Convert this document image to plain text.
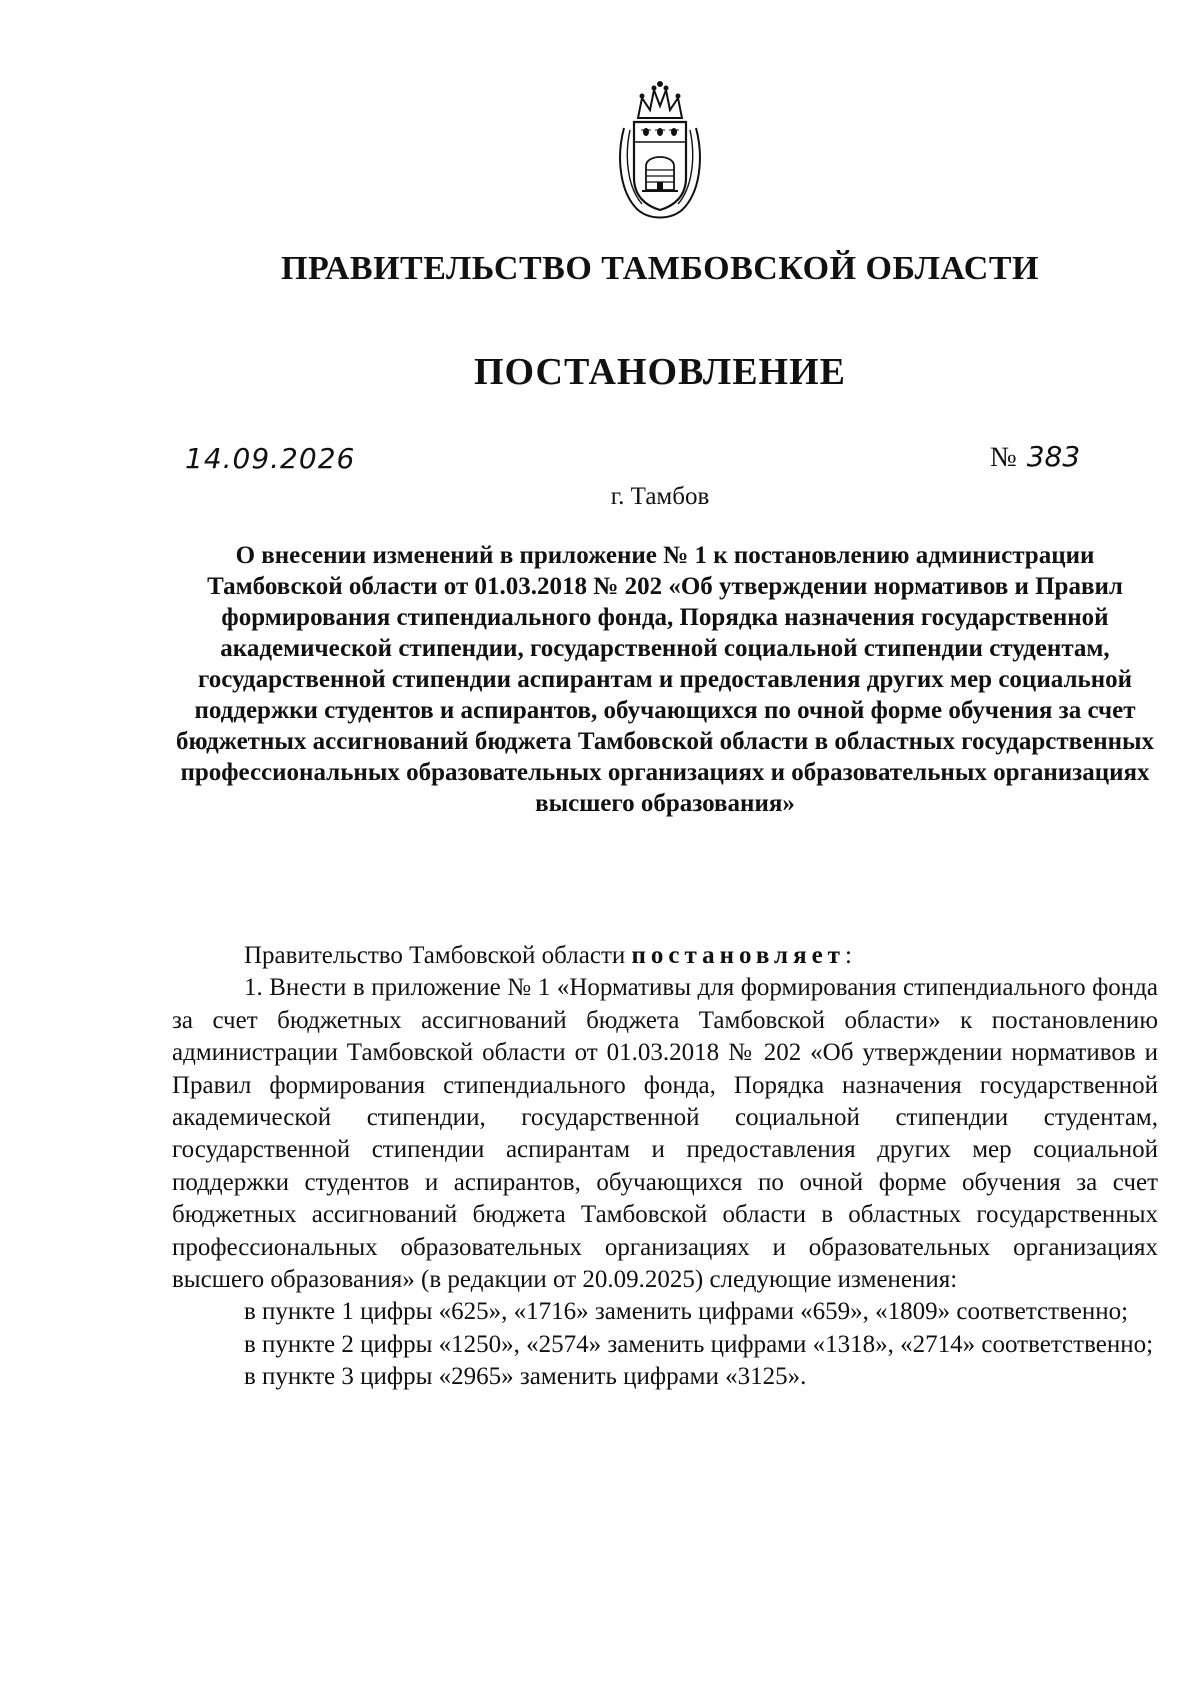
ПРАВИТЕЛЬСТВО ТАМБОВСКОЙ ОБЛАСТИ
ПОСТАНОВЛЕНИЕ
14.09.2026	№ 383
г. Тамбов
О внесении изменений в приложение № 1 к постановлению администрации Тамбовской области от 01.03.2018 № 202 «Об утверждении нормативов и Правил формирования стипендиального фонда, Порядка назначения государственной академической стипендии, государственной социальной стипендии студентам, государственной стипендии аспирантам и предоставления других мер социальной поддержки студентов и аспирантов, обучающихся по очной форме обучения за счет бюджетных ассигнований бюджета Тамбовской области в областных государственных профессиональных образовательных организациях и образовательных организациях высшего образования»

Правительство Тамбовской области постановляет:

1. Внести в приложение № 1 «Нормативы для формирования стипендиального фонда за счет бюджетных ассигнований бюджета Тамбовской области» к постановлению администрации Тамбовской области от 01.03.2018 № 202 «Об утверждении нормативов и Правил формирования стипендиального фонда, Порядка назначения государственной академической стипендии, государственной социальной стипендии студентам, государственной стипендии аспирантам и предоставления других мер социальной поддержки студентов и аспирантов, обучающихся по очной форме обучения за счет бюджетных ассигнований бюджета Тамбовской области в областных государственных профессиональных образовательных организациях и образовательных организациях высшего образования» (в редакции от 20.09.2025) следующие изменения:

в пункте 1 цифры «625», «1716» заменить цифрами «659», «1809» соответственно;

в пункте 2 цифры «1250», «2574» заменить цифрами «1318», «2714» соответственно;

в пункте 3 цифры «2965» заменить цифрами «3125».
